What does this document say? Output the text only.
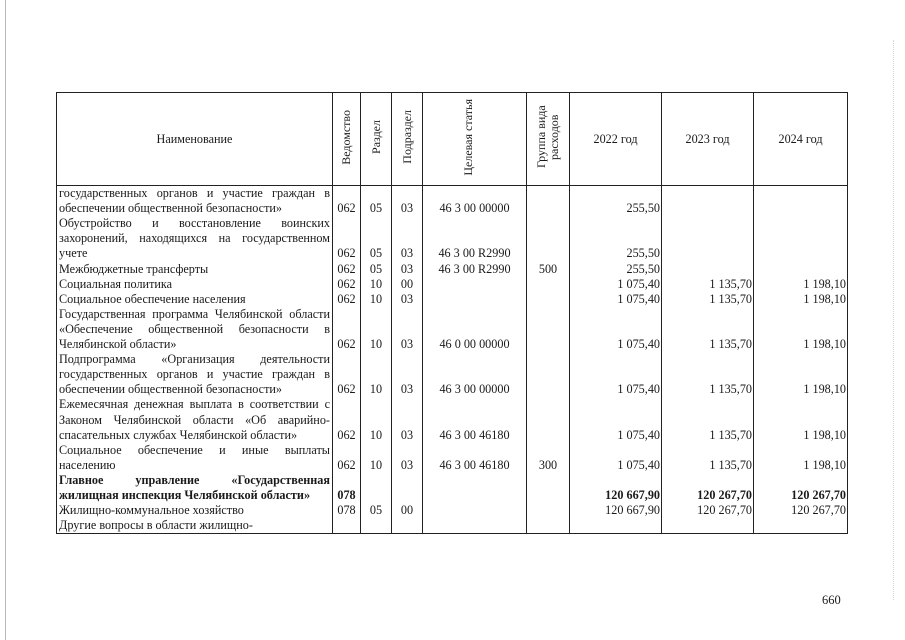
Наименование	Ведомство	Раздел	Подраздел	Целевая статья	Группа вида расходов	2022 год	2023 год	2024 год
государственных органов и участие граждан в обеспечении общественной безопасности»	062	05	03	46 3 00 00000		255,50		
Обустройство и восстановление воинских захоронений, находящихся на государственном учете	062	05	03	46 3 00 R2990		255,50		
Межбюджетные трансферты	062	05	03	46 3 00 R2990	500	255,50		
Социальная политика	062	10	00			1 075,40	1 135,70	1 198,10
Социальное обеспечение населения	062	10	03			1 075,40	1 135,70	1 198,10
Государственная программа Челябинской области «Обеспечение общественной безопасности в Челябинской области»	062	10	03	46 0 00 00000		1 075,40	1 135,70	1 198,10
Подпрограмма «Организация деятельности государственных органов и участие граждан в обеспечении общественной безопасности»	062	10	03	46 3 00 00000		1 075,40	1 135,70	1 198,10
Ежемесячная денежная выплата в соответствии с Законом Челябинской области «Об аварийно-спасательных службах Челябинской области»	062	10	03	46 3 00 46180		1 075,40	1 135,70	1 198,10
Социальное обеспечение и иные выплаты населению	062	10	03	46 3 00 46180	300	1 075,40	1 135,70	1 198,10
Главное управление «Государственная жилищная инспекция Челябинской области»	078					120 667,90	120 267,70	120 267,70
Жилищно-коммунальное хозяйство	078	05	00			120 667,90	120 267,70	120 267,70
Другие вопросы в области жилищно-								
660
